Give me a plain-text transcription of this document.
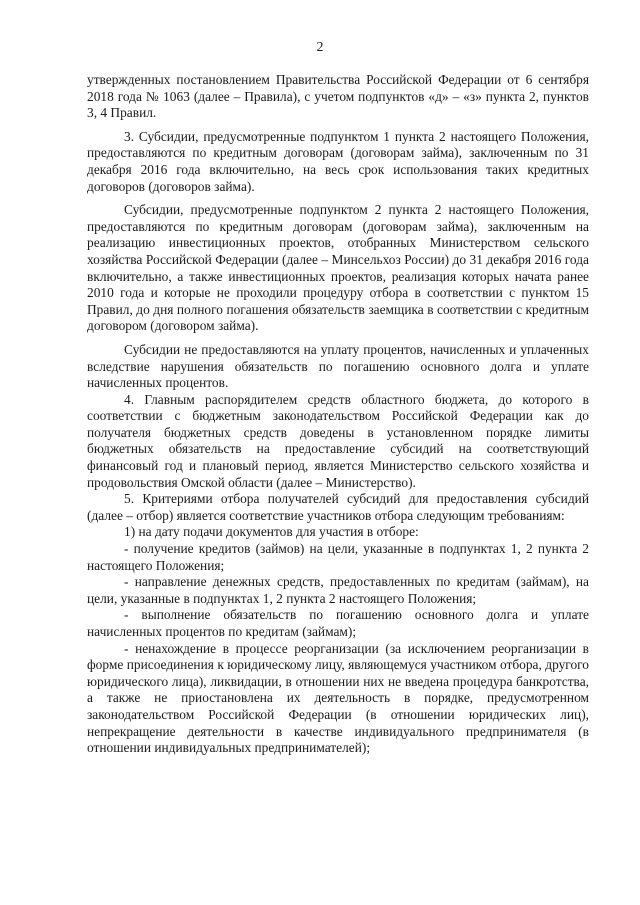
2

утвержденных постановлением Правительства Российской Федерации от 6 сентября 2018 года № 1063 (далее – Правила), с учетом подпунктов «д» – «з» пункта 2, пунктов 3, 4 Правил.

3. Субсидии, предусмотренные подпунктом 1 пункта 2 настоящего Положения, предоставляются по кредитным договорам (договорам займа), заключенным по 31 декабря 2016 года включительно, на весь срок использования таких кредитных договоров (договоров займа).

Субсидии, предусмотренные подпунктом 2 пункта 2 настоящего Положения, предоставляются по кредитным договорам (договорам займа), заключенным на реализацию инвестиционных проектов, отобранных Министерством сельского хозяйства Российской Федерации (далее – Минсельхоз России) до 31 декабря 2016 года включительно, а также инвестиционных проектов, реализация которых начата ранее 2010 года и которые не проходили процедуру отбора в соответствии с пунктом 15 Правил, до дня полного погашения обязательств заемщика в соответствии с кредитным договором (договором займа).

Субсидии не предоставляются на уплату процентов, начисленных и уплаченных вследствие нарушения обязательств по погашению основного долга и уплате начисленных процентов.

4. Главным распорядителем средств областного бюджета, до которого в соответствии с бюджетным законодательством Российской Федерации как до получателя бюджетных средств доведены в установленном порядке лимиты бюджетных обязательств на предоставление субсидий на соответствующий финансовый год и плановый период, является Министерство сельского хозяйства и продовольствия Омской области (далее – Министерство).

5. Критериями отбора получателей субсидий для предоставления субсидий (далее – отбор) является соответствие участников отбора следующим требованиям:

1) на дату подачи документов для участия в отборе:

- получение кредитов (займов) на цели, указанные в подпунктах 1, 2 пункта 2 настоящего Положения;

- направление денежных средств, предоставленных по кредитам (займам), на цели, указанные в подпунктах 1, 2 пункта 2 настоящего Положения;

- выполнение обязательств по погашению основного долга и уплате начисленных процентов по кредитам (займам);

- ненахождение в процессе реорганизации (за исключением реорганизации в форме присоединения к юридическому лицу, являющемуся участником отбора, другого юридического лица), ликвидации, в отношении них не введена процедура банкротства, а также не приостановлена их деятельность в порядке, предусмотренном законодательством Российской Федерации (в отношении юридических лиц), непрекращение деятельности в качестве индивидуального предпринимателя (в отношении индивидуальных предпринимателей);
